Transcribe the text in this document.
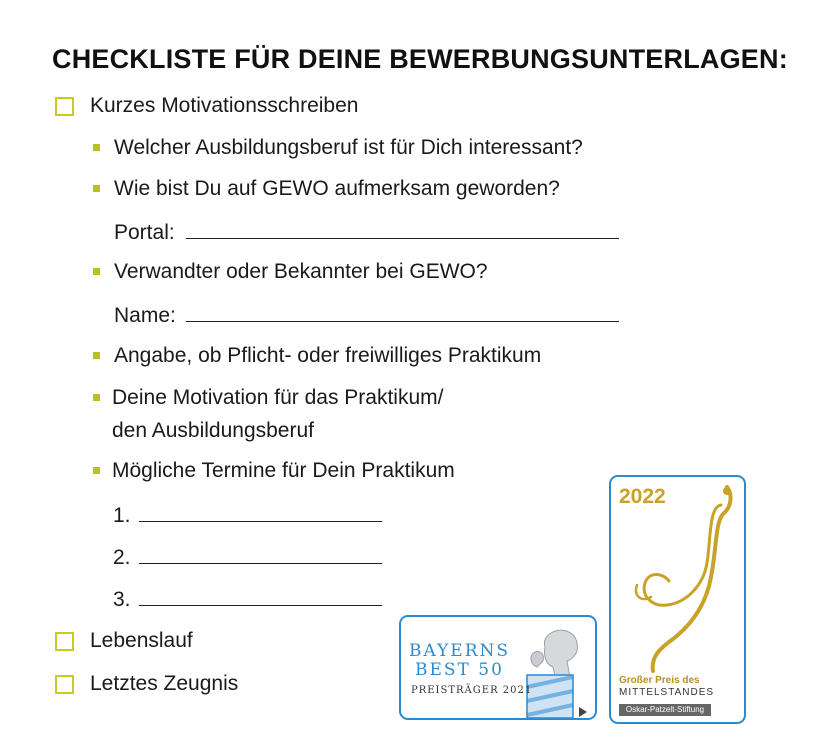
CHECKLISTE FÜR DEINE BEWERBUNGSUNTERLAGEN:
Kurzes Motivationsschreiben
Welcher Ausbildungsberuf ist für Dich interessant?
Wie bist Du auf GEWO aufmerksam geworden?
Portal:
Verwandter oder Bekannter bei GEWO?
Name:
Angabe, ob Pflicht- oder freiwilliges Praktikum
Deine Motivation für das Praktikum/
den Ausbildungsberuf
Mögliche Termine für Dein Praktikum
1.
2.
3.
Lebenslauf
Letztes Zeugnis
BAYERNS
BEST 50
PREISTRÄGER 2021
2022
Großer Preis des
MITTELSTANDES
Oskar-Patzelt-Stiftung
